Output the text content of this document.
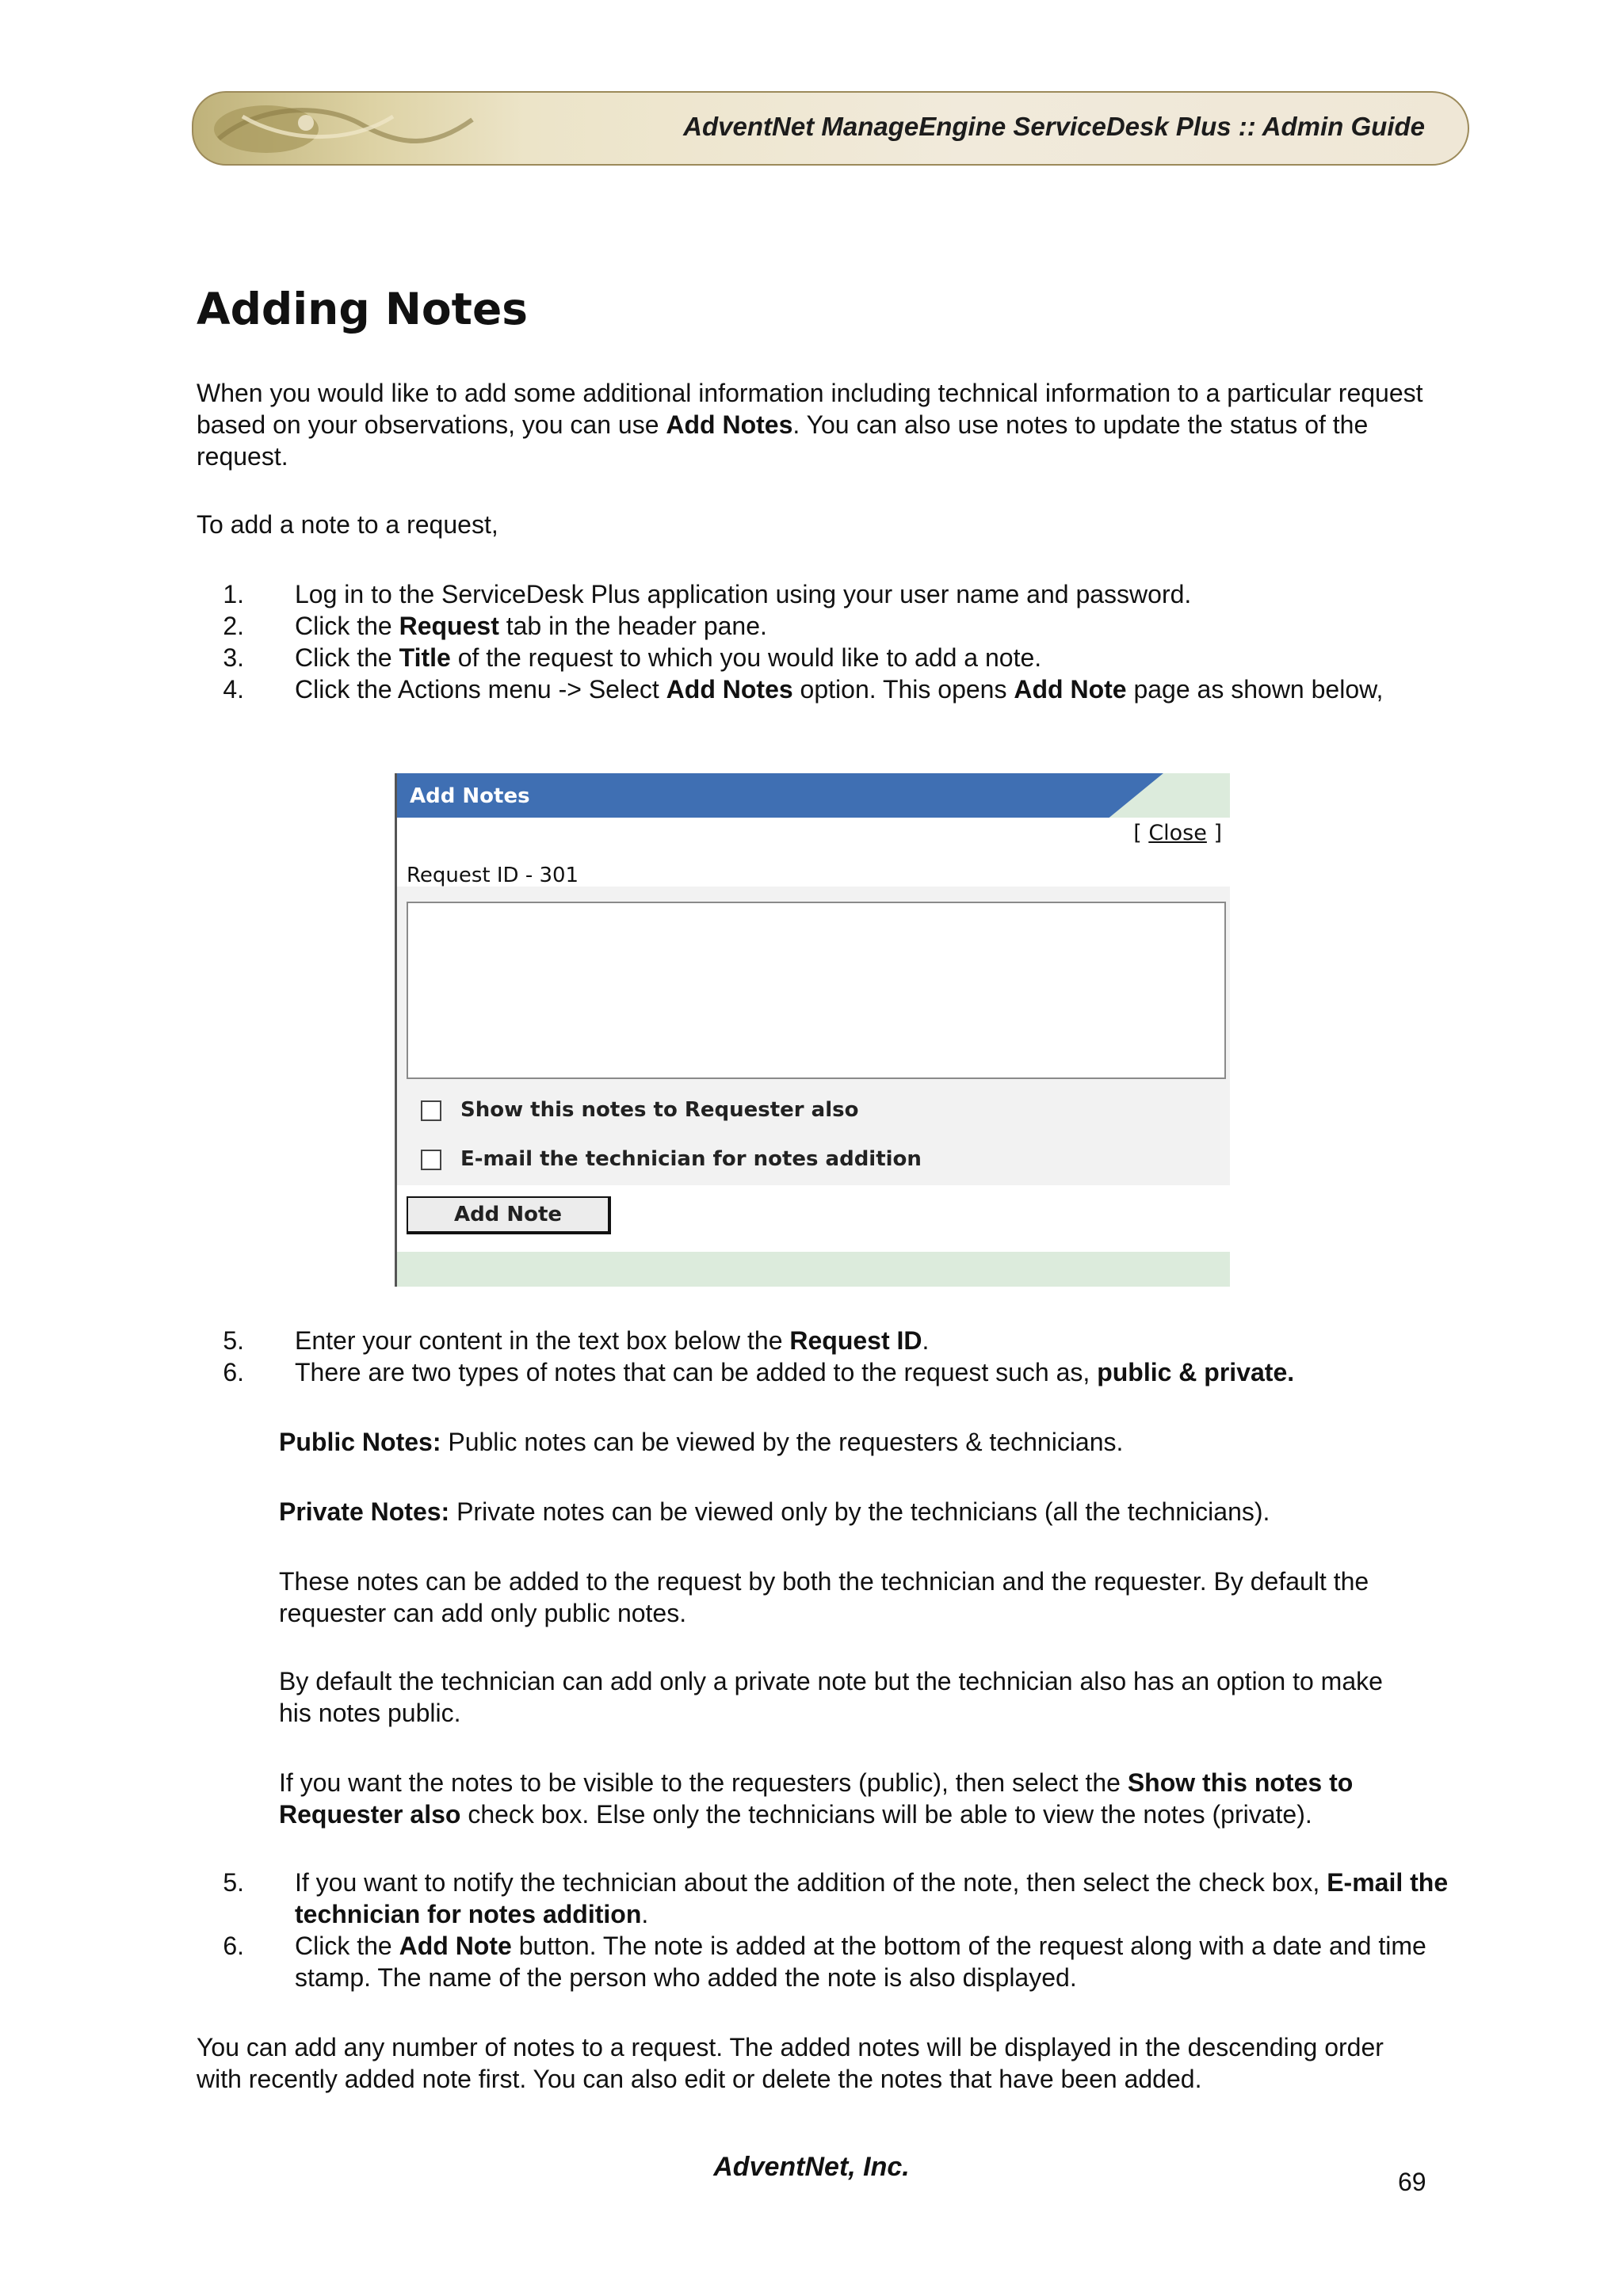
AdventNet ManageEngine ServiceDesk Plus :: Admin Guide
Adding Notes

When you would like to add some additional information including technical information to a particular request based on your observations, you can use Add Notes. You can also use notes to update the status of the request.

To add a note to a request,

1. Log in to the ServiceDesk Plus application using your user name and password.
2. Click the Request tab in the header pane.
3. Click the Title of the request to which you would like to add a note.
4. Click the Actions menu -> Select Add Notes option. This opens Add Note page as shown below,
Add Notes
[ Close ]
Request ID - 301
Show this notes to Requester also
E-mail the technician for notes addition
Add Note
5. Enter your content in the text box below the Request ID.
6. There are two types of notes that can be added to the request such as, public & private.

Public Notes: Public notes can be viewed by the requesters & technicians.

Private Notes: Private notes can be viewed only by the technicians (all the technicians).

These notes can be added to the request by both the technician and the requester. By default the requester can add only public notes.

By default the technician can add only a private note but the technician also has an option to make his notes public.

If you want the notes to be visible to the requesters (public), then select the Show this notes to Requester also check box. Else only the technicians will be able to view the notes (private).

5. If you want to notify the technician about the addition of the note, then select the check box, E-mail the technician for notes addition.
6. Click the Add Note button. The note is added at the bottom of the request along with a date and time stamp. The name of the person who added the note is also displayed.

You can add any number of notes to a request. The added notes will be displayed in the descending order with recently added note first. You can also edit or delete the notes that have been added.

AdventNet, Inc.	69
